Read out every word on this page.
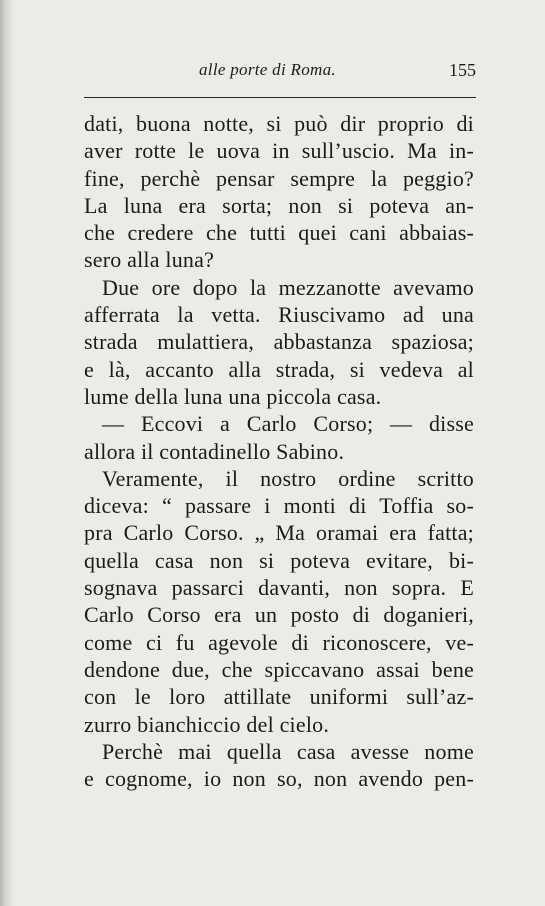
alle porte di Roma.	155
dati, buona notte, si può dir proprio di
aver rotte le uova in sull’uscio. Ma in-
fine, perchè pensar sempre la peggio?
La luna era sorta; non si poteva an-
che credere che tutti quei cani abbaias-
sero alla luna?
Due ore dopo la mezzanotte avevamo
afferrata la vetta. Riuscivamo ad una
strada mulattiera, abbastanza spaziosa;
e là, accanto alla strada, si vedeva al
lume della luna una piccola casa.
— Eccovi a Carlo Corso; — disse
allora il contadinello Sabino.
Veramente, il nostro ordine scritto
diceva: “ passare i monti di Toffia so-
pra Carlo Corso. „ Ma oramai era fatta;
quella casa non si poteva evitare, bi-
sognava passarci davanti, non sopra. E
Carlo Corso era un posto di doganieri,
come ci fu agevole di riconoscere, ve-
dendone due, che spiccavano assai bene
con le loro attillate uniformi sull’az-
zurro bianchiccio del cielo.
Perchè mai quella casa avesse nome
e cognome, io non so, non avendo pen-
